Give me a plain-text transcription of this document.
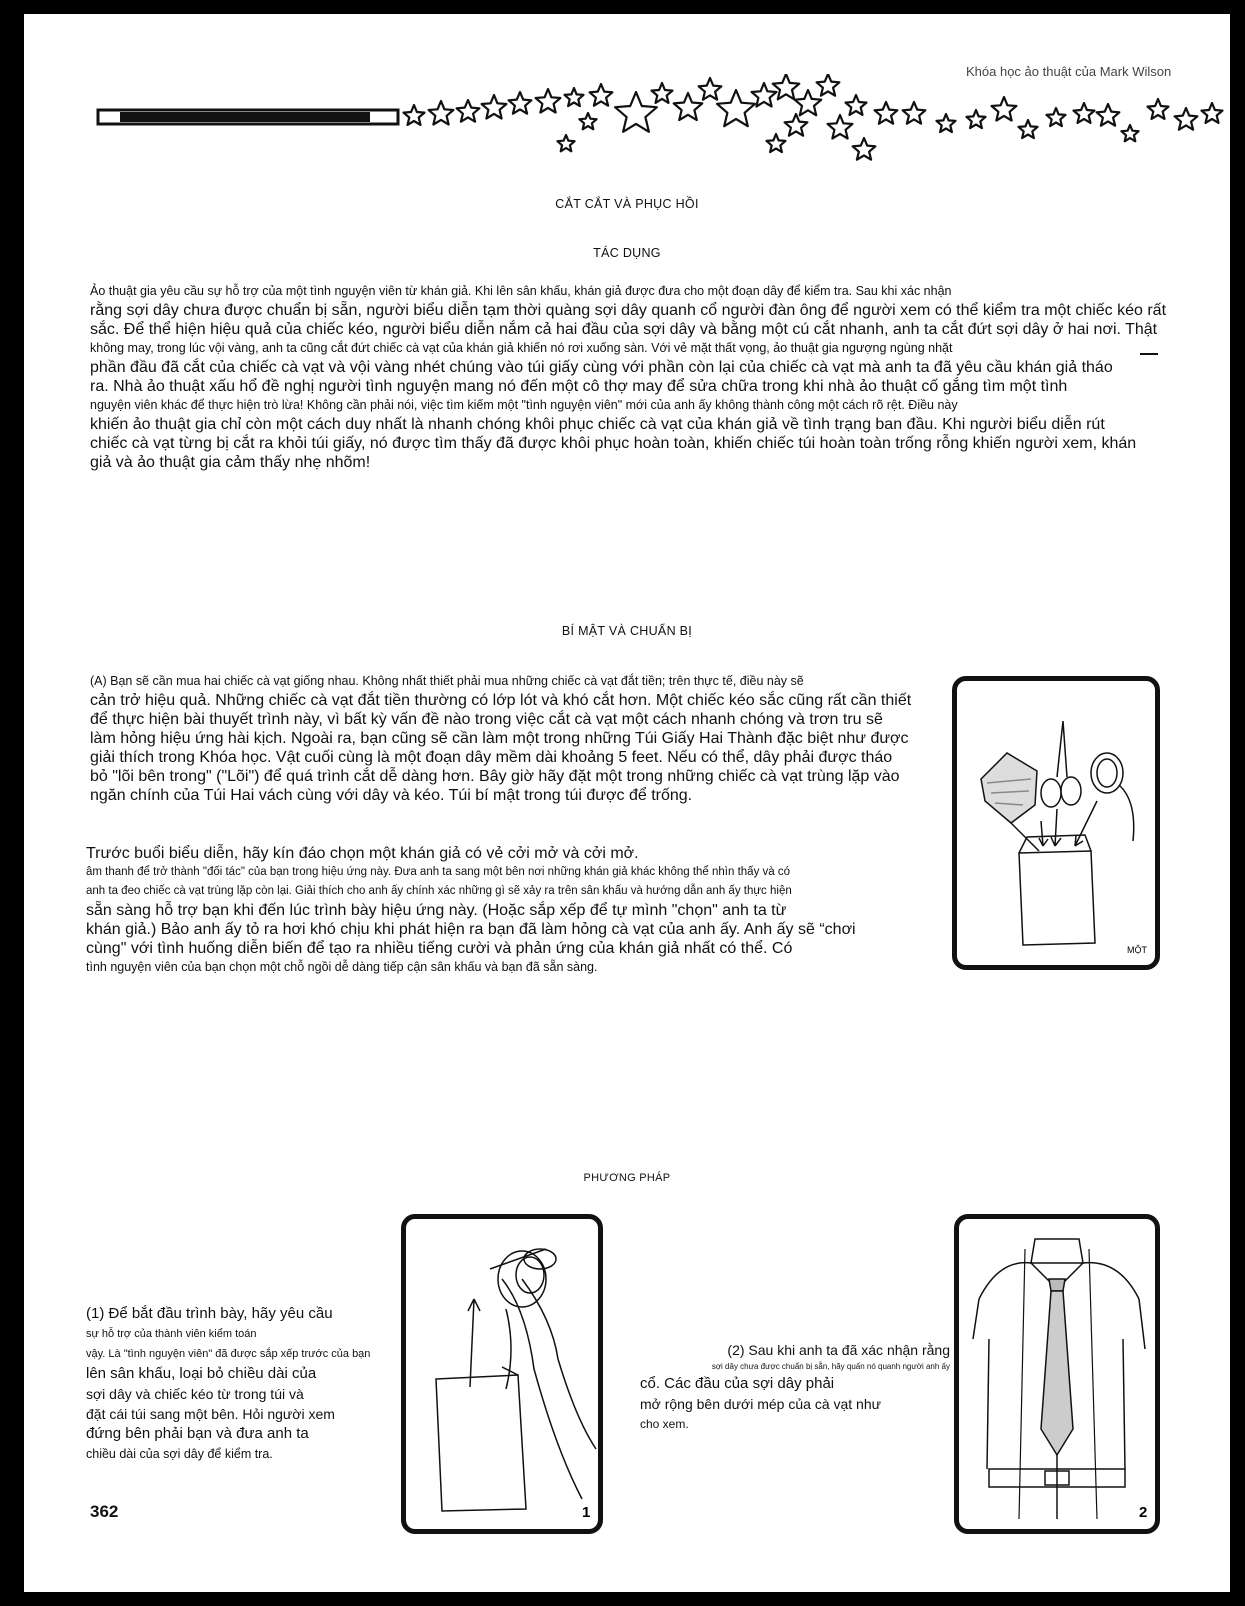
Khóa học ảo thuật của Mark Wilson
CẮT CẮT VÀ PHỤC HỒI
TÁC DỤNG
Ảo thuật gia yêu cầu sự hỗ trợ của một tình nguyện viên từ khán giả. Khi lên sân khấu, khán giả được đưa cho một đoạn dây để kiểm tra. Sau khi xác nhận
rằng sợi dây chưa được chuẩn bị sẵn, người biểu diễn tạm thời quàng sợi dây quanh cổ người đàn ông để người xem có thể kiểm tra một chiếc kéo rất
sắc. Để thể hiện hiệu quả của chiếc kéo, người biểu diễn nắm cả hai đầu của sợi dây và bằng một cú cắt nhanh, anh ta cắt đứt sợi dây ở hai nơi. Thật
không may, trong lúc vội vàng, anh ta cũng cắt đứt chiếc cà vạt của khán giả khiến nó rơi xuống sàn. Với vẻ mặt thất vọng, ảo thuật gia ngượng ngùng nhặt
phần đầu đã cắt của chiếc cà vạt và vội vàng nhét chúng vào túi giấy cùng với phần còn lại của chiếc cà vạt mà anh ta đã yêu cầu khán giả tháo
ra. Nhà ảo thuật xấu hổ đề nghị người tình nguyện mang nó đến một cô thợ may để sửa chữa trong khi nhà ảo thuật cố gắng tìm một tình
nguyện viên khác để thực hiện trò lừa! Không cần phải nói, việc tìm kiếm một "tình nguyện viên" mới của anh ấy không thành công một cách rõ rệt. Điều này
khiến ảo thuật gia chỉ còn một cách duy nhất là nhanh chóng khôi phục chiếc cà vạt của khán giả về tình trạng ban đầu. Khi người biểu diễn rút
chiếc cà vạt từng bị cắt ra khỏi túi giấy, nó được tìm thấy đã được khôi phục hoàn toàn, khiến chiếc túi hoàn toàn trống rỗng khiến người xem, khán
giả và ảo thuật gia cảm thấy nhẹ nhõm!
BÍ MẬT VÀ CHUẨN BỊ
(A) Bạn sẽ cần mua hai chiếc cà vạt giống nhau. Không nhất thiết phải mua những chiếc cà vạt đắt tiền; trên thực tế, điều này sẽ
cản trở hiệu quả. Những chiếc cà vạt đắt tiền thường có lớp lót và khó cắt hơn. Một chiếc kéo sắc cũng rất cần thiết
để thực hiện bài thuyết trình này, vì bất kỳ vấn đề nào trong việc cắt cà vạt một cách nhanh chóng và trơn tru sẽ
làm hỏng hiệu ứng hài kịch. Ngoài ra, bạn cũng sẽ cần làm một trong những Túi Giấy Hai Thành đặc biệt như được
giải thích trong Khóa học. Vật cuối cùng là một đoạn dây mềm dài khoảng 5 feet. Nếu có thể, dây phải được tháo
bỏ "lõi bên trong" ("Lõi") để quá trình cắt dễ dàng hơn. Bây giờ hãy đặt một trong những chiếc cà vạt trùng lặp vào
ngăn chính của Túi Hai vách cùng với dây và kéo. Túi bí mật trong túi được để trống.
Trước buổi biểu diễn, hãy kín đáo chọn một khán giả có vẻ cởi mở và cởi mở.
âm thanh để trở thành "đối tác" của bạn trong hiệu ứng này. Đưa anh ta sang một bên nơi những khán giả khác không thể nhìn thấy và có
anh ta đeo chiếc cà vạt trùng lặp còn lại. Giải thích cho anh ấy chính xác những gì sẽ xảy ra trên sân khấu và hướng dẫn anh ấy thực hiện
sẵn sàng hỗ trợ bạn khi đến lúc trình bày hiệu ứng này. (Hoặc sắp xếp để tự mình "chọn" anh ta từ
khán giả.) Bảo anh ấy tỏ ra hơi khó chịu khi phát hiện ra bạn đã làm hỏng cà vạt của anh ấy. Anh ấy sẽ “chơi
cùng" với tình huống diễn biến để tạo ra nhiều tiếng cười và phản ứng của khán giả nhất có thể. Có
tình nguyện viên của bạn chọn một chỗ ngồi dễ dàng tiếp cận sân khấu và bạn đã sẵn sàng.
MỘT
PHƯƠNG PHÁP
1	2
(1) Để bắt đầu trình bày, hãy yêu cầu
sự hỗ trợ của thành viên kiểm toán
vậy. Là "tình nguyện viên" đã được sắp xếp trước của bạn
lên sân khấu, loại bỏ chiều dài của
sợi dây và chiếc kéo từ trong túi và
đặt cái túi sang một bên. Hỏi người xem
đứng bên phải bạn và đưa anh ta
chiều dài của sợi dây để kiểm tra.
(2) Sau khi anh ta đã xác nhận rằng
sợi dây chưa được chuẩn bị sẵn, hãy quấn nó quanh người anh ấy
cổ. Các đầu của sợi dây phải
mở rộng bên dưới mép của cà vạt như
cho xem.
362
